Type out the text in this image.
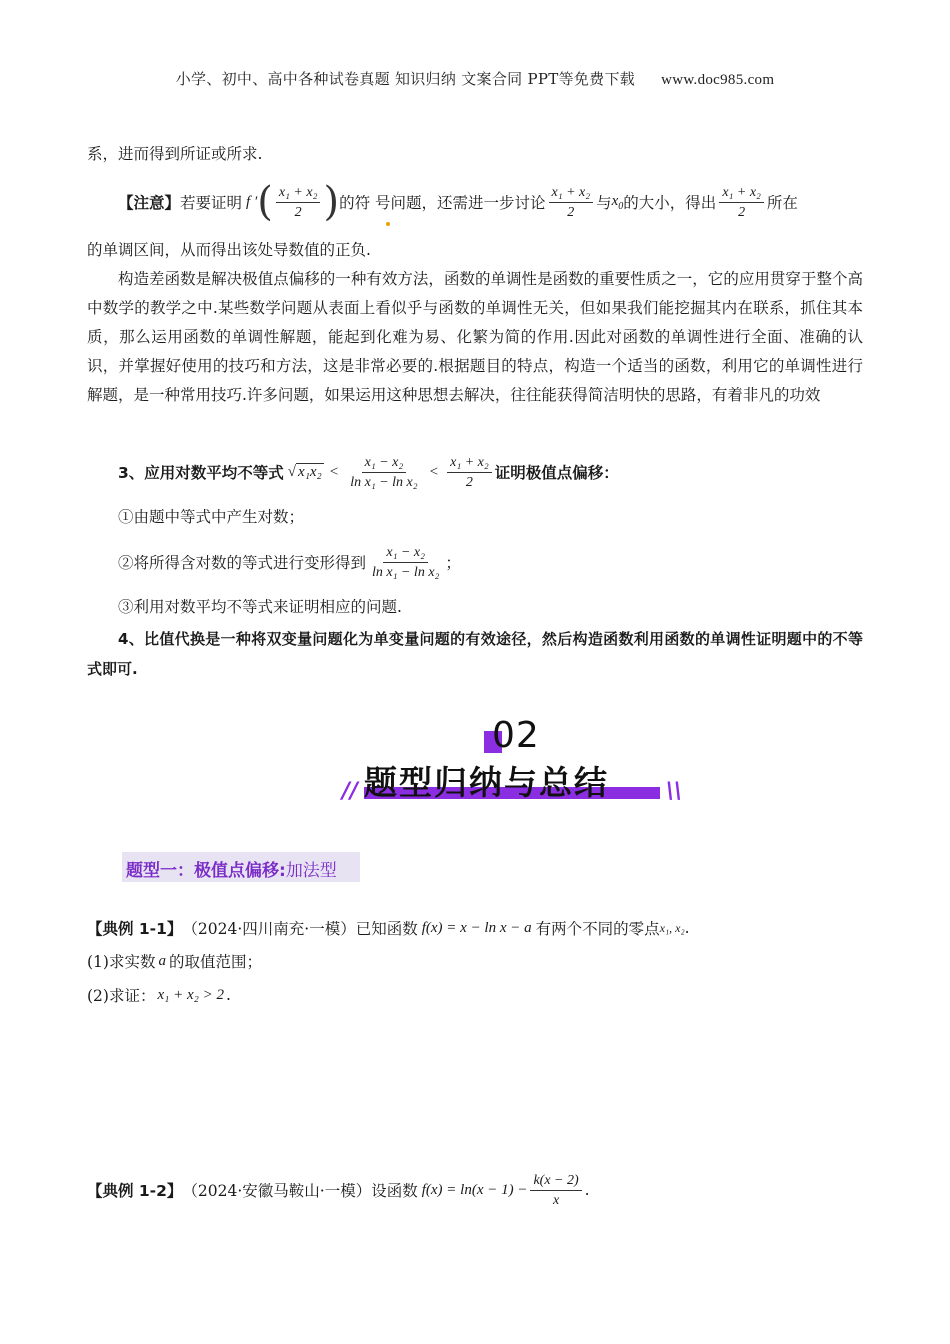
小学、初中、高中各种试卷真题 知识归纳 文案合同 PPT等免费下载 www.doc985.com
系，进而得到所证或所求.
【注意】 若要证明 f ′ ( $\frac{\text{x₁ + x₂}}{2}$ ) 的符 号问题，还需进一步讨论 $\frac{\text{x₁ + x₂}}{2}$ 与 $x_0$ 的大小，得出 $\frac{\text{x₁ + x₂}}{2}$ 所在
的单调区间，从而得出该处导数值的正负.
构造差函数是解决极值点偏移的一种有效方法，函数的单调性是函数的重要性质之一，它的应用贯穿于整个高中数学的教学之中.某些数学问题从表面上看似乎与函数的单调性无关，但如果我们能挖掘其内在联系，抓住其本质，那么运用函数的单调性解题，能起到化难为易、化繁为简的作用.因此对函数的单调性进行全面、准确的认识，并掌握好使用的技巧和方法，这是非常必要的.根据题目的特点，构造一个适当的函数，利用它的单调性进行解题，是一种常用技巧.许多问题，如果运用这种思想去解决，往往能获得简洁明快的思路，有着非凡的功效
3、应用对数平均不等式 √ $x_1x_2 < \frac{\text{x₁ − x₂}}{\text{ln x₁ − ln x₂}} < \frac{\text{x₁ + x₂}}{2}$ 证明极值点偏移：
①由题中等式中产生对数；
②将所得含对数的等式进行变形得到 $\frac{\text{x₁ − x₂}}{\text{ln x₁ − ln x₂}}$ ；
③利用对数平均不等式来证明相应的问题.
4、比值代换是一种将双变量问题化为单变量问题的有效途径，然后构造函数利用函数的单调性证明题中的不等式即可.
02
// 题型归纳与总结	\\
题型一：极值点偏移:加法型
【典例 1-1】 （2024·四川南充·一模）已知函数 f(x) = x − ln x − a 有两个不同的零点 x₁, x₂ .
(1)求实数 a 的取值范围；
(2)求证： x₁ + x₂ > 2 .
【典例 1-2】 （2024·安徽马鞍山·一模）设函数 $f(x) = \ln(x - 1) - \frac{k(x - 2)}{x}$ .
